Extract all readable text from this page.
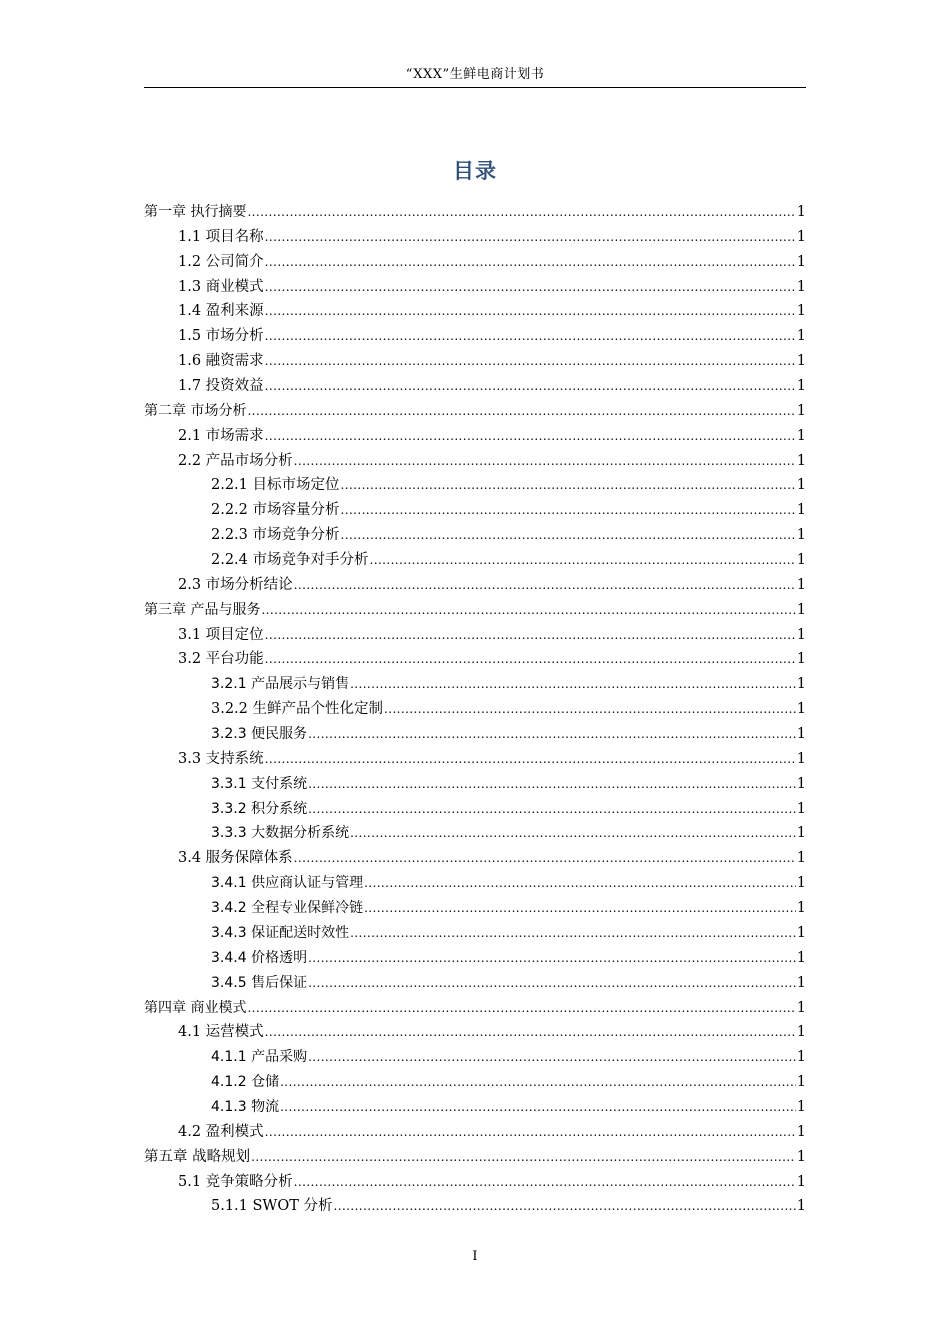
“XXX”生鲜电商计划书
目录
第一章 执行摘要 .....	1
1.1 项目名称 .....	1
1.2 公司简介 .....	1
1.3 商业模式 .....	1
1.4 盈利来源 .....	1
1.5 市场分析 .....	1
1.6 融资需求 .....	1
1.7 投资效益 .....	1
第二章 市场分析 .....	1
2.1 市场需求 .....	1
2.2 产品市场分析 .....	1
2.2.1 目标市场定位 .....	1
2.2.2 市场容量分析 .....	1
2.2.3 市场竞争分析 .....	1
2.2.4 市场竞争对手分析 .....	1
2.3 市场分析结论 .....	1
第三章 产品与服务 .....	1
3.1 项目定位 .....	1
3.2 平台功能 .....	1
3.2.1 产品展示与销售 .....	1
3.2.2 生鲜产品个性化定制 .....	1
3.2.3 便民服务 .....	1
3.3 支持系统 .....	1
3.3.1 支付系统 .....	1
3.3.2 积分系统 .....	1
3.3.3 大数据分析系统 .....	1
3.4 服务保障体系 .....	1
3.4.1 供应商认证与管理 .....	1
3.4.2 全程专业保鲜冷链 .....	1
3.4.3 保证配送时效性 .....	1
3.4.4 价格透明 .....	1
3.4.5 售后保证 .....	1
第四章 商业模式 .....	1
4.1 运营模式 .....	1
4.1.1 产品采购 .....	1
4.1.2 仓储 .....	1
4.1.3 物流 .....	1
4.2 盈利模式 .....	1
第五章 战略规划 .....	1
5.1 竞争策略分析 .....	1
5.1.1 SWOT 分析 .....	1
I
